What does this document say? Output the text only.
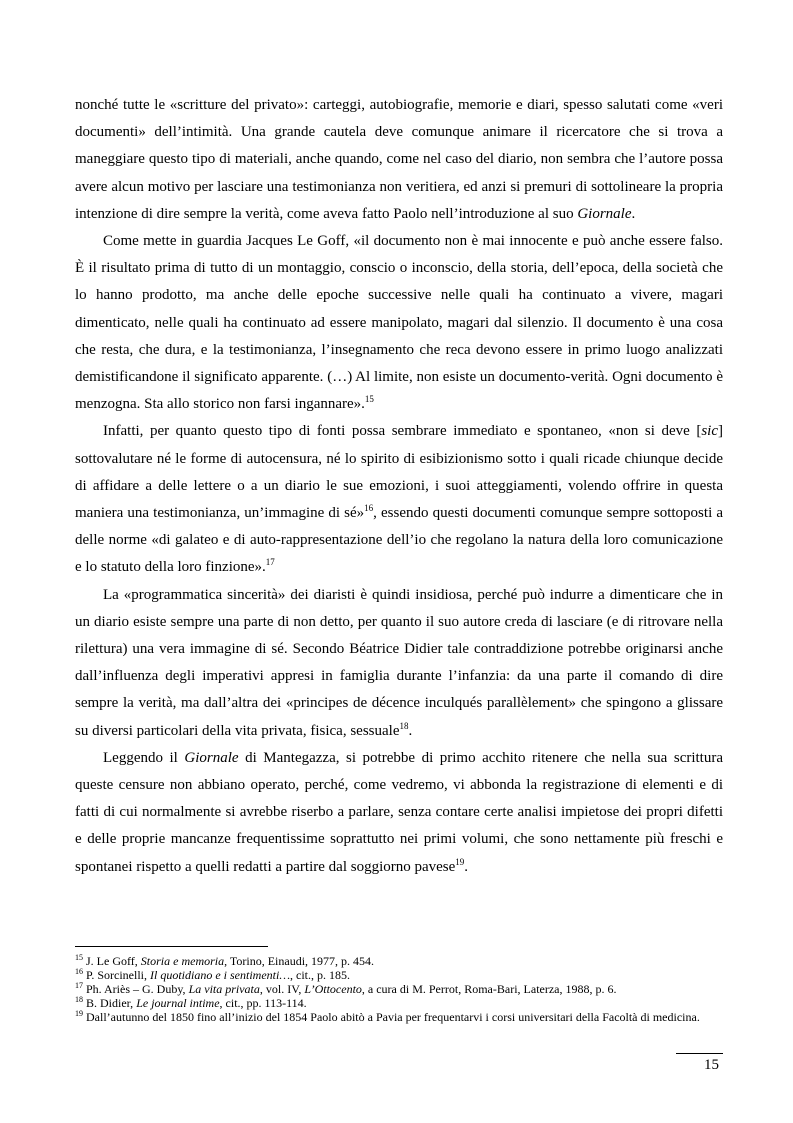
nonché tutte le «scritture del privato»: carteggi, autobiografie, memorie e diari, spesso salutati come «veri documenti» dell’intimità. Una grande cautela deve comunque animare il ricercatore che si trova a maneggiare questo tipo di materiali, anche quando, come nel caso del diario, non sembra che l’autore possa avere alcun motivo per lasciare una testimonianza non veritiera, ed anzi si premuri di sottolineare la propria intenzione di dire sempre la verità, come aveva fatto Paolo nell’introduzione al suo Giornale.

Come mette in guardia Jacques Le Goff, «il documento non è mai innocente e può anche essere falso. È il risultato prima di tutto di un montaggio, conscio o inconscio, della storia, dell’epoca, della società che lo hanno prodotto, ma anche delle epoche successive nelle quali ha continuato a vivere, magari dimenticato, nelle quali ha continuato ad essere manipolato, magari dal silenzio. Il documento è una cosa che resta, che dura, e la testimonianza, l’insegnamento che reca devono essere in primo luogo analizzati demistificandone il significato apparente. (…) Al limite, non esiste un documento-verità. Ogni documento è menzogna. Sta allo storico non farsi ingannare».$^{15}$

Infatti, per quanto questo tipo di fonti possa sembrare immediato e spontaneo, «non si deve [sic] sottovalutare né le forme di autocensura, né lo spirito di esibizionismo sotto i quali ricade chiunque decide di affidare a delle lettere o a un diario le sue emozioni, i suoi atteggiamenti, volendo offrire in questa maniera una testimonianza, un’immagine di sé»$^{16}$, essendo questi documenti comunque sempre sottoposti a delle norme «di galateo e di auto-rappresentazione dell’io che regolano la natura della loro comunicazione e lo statuto della loro finzione».$^{17}$

La «programmatica sincerità» dei diaristi è quindi insidiosa, perché può indurre a dimenticare che in un diario esiste sempre una parte di non detto, per quanto il suo autore creda di lasciare (e di ritrovare nella rilettura) una vera immagine di sé. Secondo Béatrice Didier tale contraddizione potrebbe originarsi anche dall’influenza degli imperativi appresi in famiglia durante l’infanzia: da una parte il comando di dire sempre la verità, ma dall’altra dei «principes de décence inculqués parallèlement» che spingono a glissare su diversi particolari della vita privata, fisica, sessuale$^{18}$.

Leggendo il Giornale di Mantegazza, si potrebbe di primo acchito ritenere che nella sua scrittura queste censure non abbiano operato, perché, come vedremo, vi abbonda la registrazione di elementi e di fatti di cui normalmente si avrebbe riserbo a parlare, senza contare certe analisi impietose dei propri difetti e delle proprie mancanze frequentissime soprattutto nei primi volumi, che sono nettamente più freschi e spontanei rispetto a quelli redatti a partire dal soggiorno pavese$^{19}$.

$^{15}$ J. Le Goff, Storia e memoria, Torino, Einaudi, 1977, p. 454.

$^{16}$ P. Sorcinelli, Il quotidiano e i sentimenti…, cit., p. 185.

$^{17}$ Ph. Ariès – G. Duby, La vita privata, vol. IV, L’Ottocento, a cura di M. Perrot, Roma-Bari, Laterza, 1988, p. 6.

$^{18}$ B. Didier, Le journal intime, cit., pp. 113-114.

$^{19}$ Dall’autunno del 1850 fino all’inizio del 1854 Paolo abitò a Pavia per frequentarvi i corsi universitari della Facoltà di medicina.

15
